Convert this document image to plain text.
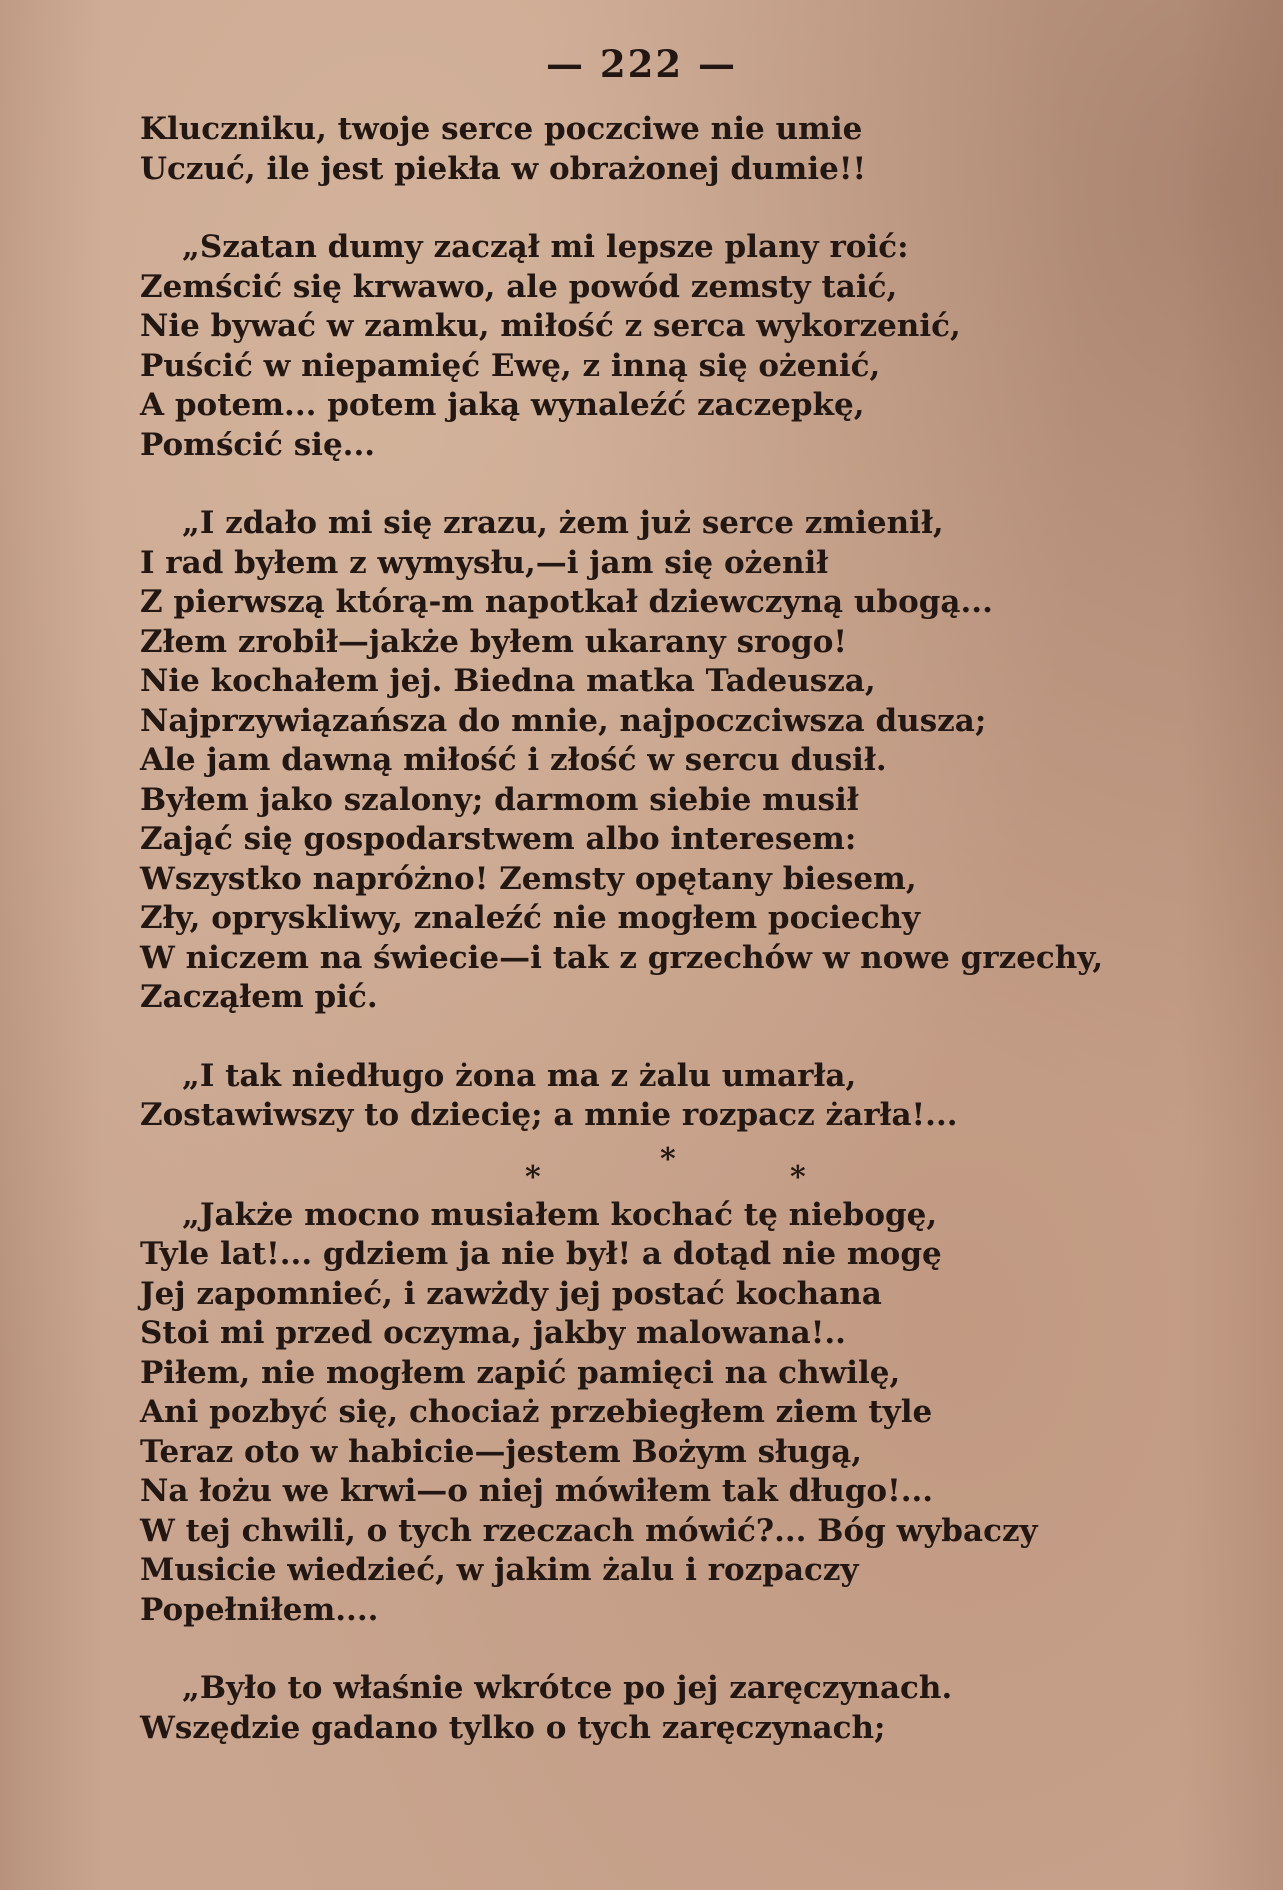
— 222 —
Kluczniku, twoje serce poczciwe nie umie
Uczuć, ile jest piekła w obrażonej dumie!!
„Szatan dumy zaczął mi lepsze plany roić:
Zemścić się krwawo, ale powód zemsty taić,
Nie bywać w zamku, miłość z serca wykorzenić,
Puścić w niepamięć Ewę, z inną się ożenić,
A potem... potem jaką wynaleźć zaczepkę,
Pomścić się...
„I zdało mi się zrazu, żem już serce zmienił,
I rad byłem z wymysłu,—i jam się ożenił
Z pierwszą którą-m napotkał dziewczyną ubogą...
Złem zrobił—jakże byłem ukarany srogo!
Nie kochałem jej. Biedna matka Tadeusza,
Najprzywiązańsza do mnie, najpoczciwsza dusza;
Ale jam dawną miłość i złość w sercu dusił.
Byłem jako szalony; darmom siebie musił
Zająć się gospodarstwem albo interesem:
Wszystko napróżno! Zemsty opętany biesem,
Zły, opryskliwy, znaleźć nie mogłem pociechy
W niczem na świecie—i tak z grzechów w nowe grzechy,
Zacząłem pić.
„I tak niedługo żona ma z żalu umarła,
Zostawiwszy to dziecię; a mnie rozpacz żarła!...
*
*
*
„Jakże mocno musiałem kochać tę niebogę,
Tyle lat!... gdziem ja nie był! a dotąd nie mogę
Jej zapomnieć, i zawżdy jej postać kochana
Stoi mi przed oczyma, jakby malowana!..
Piłem, nie mogłem zapić pamięci na chwilę,
Ani pozbyć się, chociaż przebiegłem ziem tyle
Teraz oto w habicie—jestem Bożym sługą,
Na łożu we krwi—o niej mówiłem tak długo!...
W tej chwili, o tych rzeczach mówić?... Bóg wybaczy
Musicie wiedzieć, w jakim żalu i rozpaczy
Popełniłem....
„Było to właśnie wkrótce po jej zaręczynach.
Wszędzie gadano tylko o tych zaręczynach;
